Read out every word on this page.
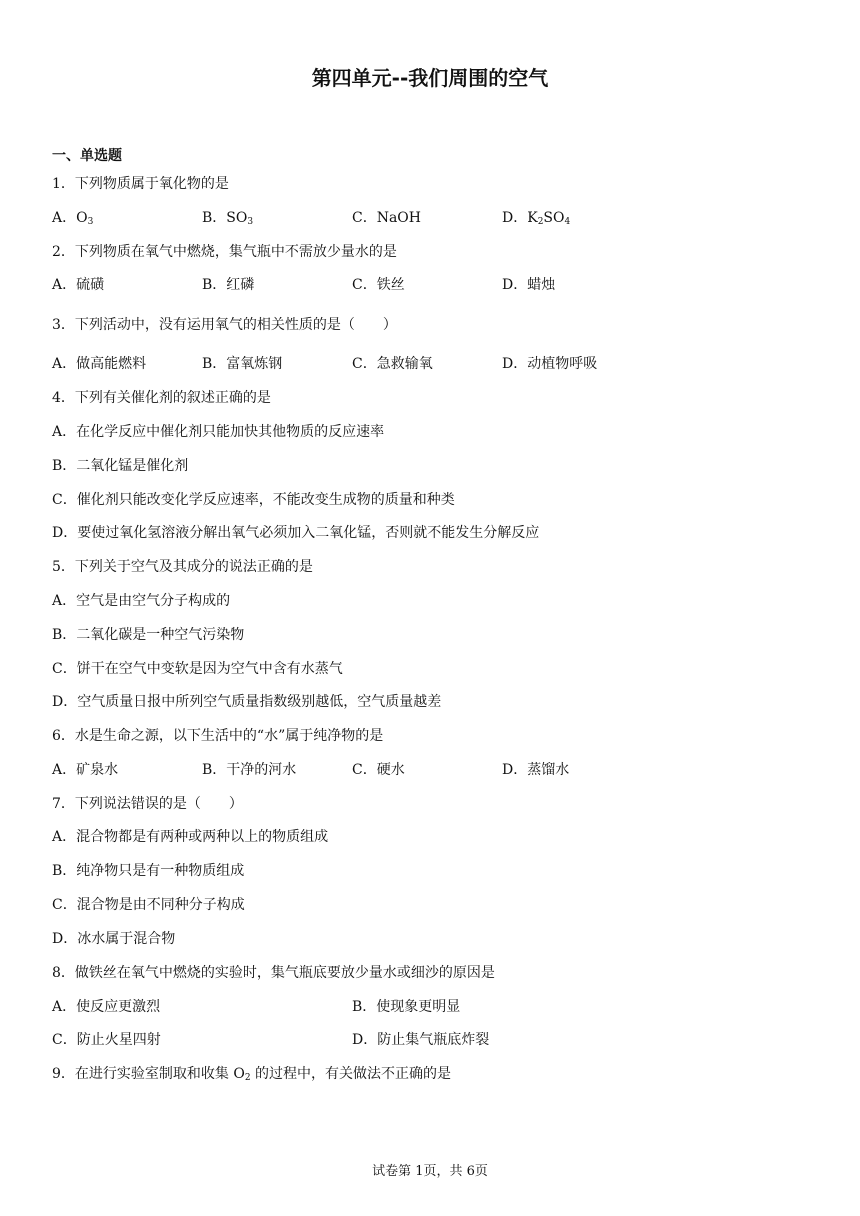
第四单元--我们周围的空气
一、单选题
1．下列物质属于氧化物的是
A．$O_3$	B．$SO_3$	C．NaOH	D．$K_2SO_4$
2．下列物质在氧气中燃烧，集气瓶中不需放少量水的是
A．硫磺	B．红磷	C．铁丝	D．蜡烛
3．下列活动中，没有运用氧气的相关性质的是（　　）
A．做高能燃料	B．富氧炼钢	C．急救输氧	D．动植物呼吸
4．下列有关催化剂的叙述正确的是
A．在化学反应中催化剂只能加快其他物质的反应速率
B．二氧化锰是催化剂
C．催化剂只能改变化学反应速率，不能改变生成物的质量和种类
D．要使过氧化氢溶液分解出氧气必须加入二氧化锰，否则就不能发生分解反应
5．下列关于空气及其成分的说法正确的是
A．空气是由空气分子构成的
B．二氧化碳是一种空气污染物
C．饼干在空气中变软是因为空气中含有水蒸气
D．空气质量日报中所列空气质量指数级别越低，空气质量越差
6．水是生命之源，以下生活中的“水”属于纯净物的是
A．矿泉水	B．干净的河水	C．硬水	D．蒸馏水
7．下列说法错误的是（　　）
A．混合物都是有两种或两种以上的物质组成
B．纯净物只是有一种物质组成
C．混合物是由不同种分子构成
D．冰水属于混合物
8．做铁丝在氧气中燃烧的实验时，集气瓶底要放少量水或细沙的原因是
A．使反应更激烈	B．使现象更明显
C．防止火星四射	D．防止集气瓶底炸裂
9．在进行实验室制取和收集 $O_2$ 的过程中，有关做法不正确的是
试卷第 1页，共 6页
